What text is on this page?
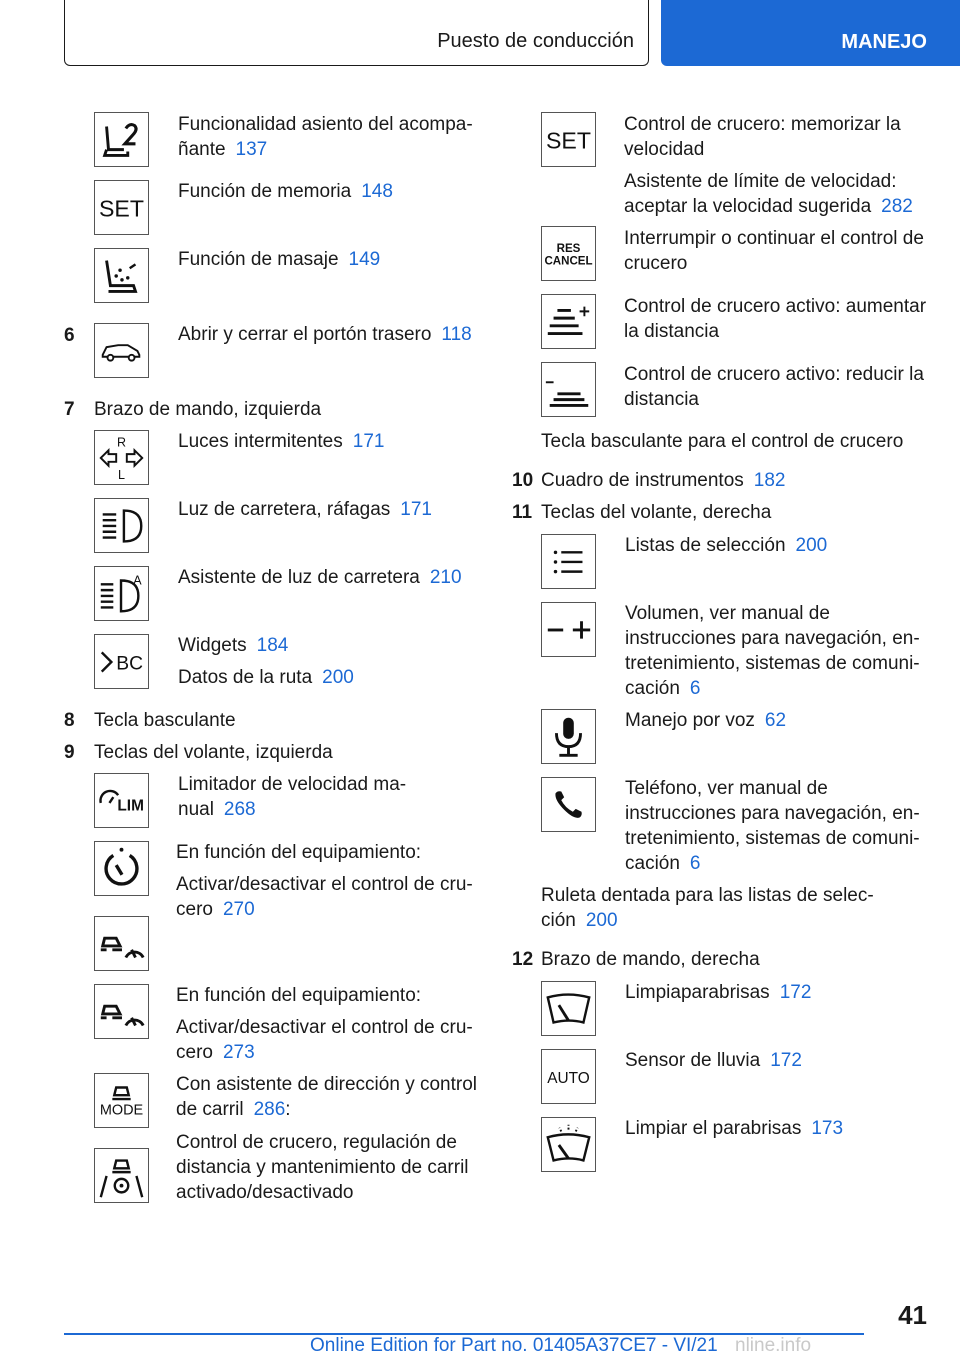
Puesto de conducción	MANEJO
Funcionalidad asiento del acompa-
ñante 137
SET
Función de memoria 148
Función de masaje 149
6	Abrir y cerrar el portón trasero 118
7 Brazo de mando, izquierda
R
L
Luces intermitentes 171
Luz de carretera, ráfagas 171
A Asistente de luz de carretera 210
BC
Widgets 184
Datos de la ruta 200
8 Tecla basculante
9 Teclas del volante, izquierda
LIM
Limitador de velocidad ma-
nual 268
En función del equipamiento:
Activar/desactivar el control de cru-
cero 270
En función del equipamiento:
Activar/desactivar el control de cru-
cero 273
MODE
Con asistente de dirección y control
de carril 286:
Control de crucero, regulación de
distancia y mantenimiento de carril
activado/desactivado
SET
Control de crucero: memorizar la
velocidad
Asistente de límite de velocidad:
aceptar la velocidad sugerida 282
RES
CANCEL
Interrumpir o continuar el control de
crucero
Control de crucero activo: aumentar
la distancia
Control de crucero activo: reducir la
distancia
Tecla basculante para el control de crucero
10 Cuadro de instrumentos 182
11 Teclas del volante, derecha
Listas de selección 200
Volumen, ver manual de
instrucciones para navegación, en-
tretenimiento, sistemas de comuni-
cación 6
Manejo por voz 62
Teléfono, ver manual de
instrucciones para navegación, en-
tretenimiento, sistemas de comuni-
cación 6
Ruleta dentada para las listas de selec-
ción 200
12 Brazo de mando, derecha
Limpiaparabrisas 172
AUTO
Sensor de lluvia 172
Limpiar el parabrisas 173
41
Online Edition for Part no. 01405A37CE7 - VI/21 nline.info
